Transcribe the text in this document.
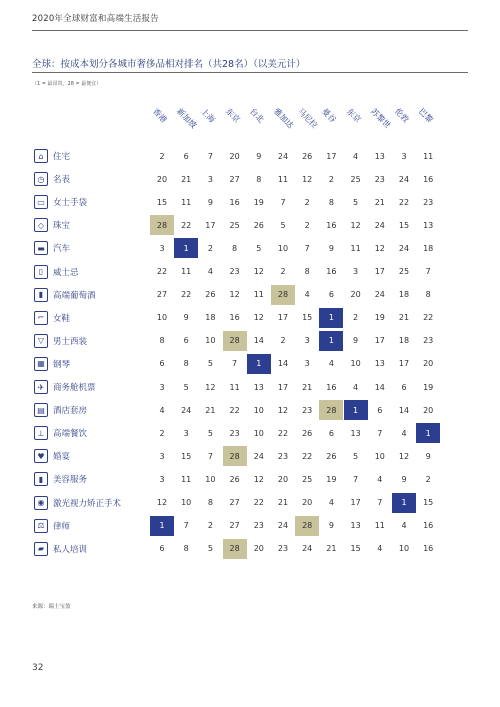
2020年全球财富和高端生活报告
全球：按成本划分各城市奢侈品相对排名（共28名）（以美元计）
（1 = 最昂贵，28 = 最便宜）
香港 新加坡 上海 东京 台北 雅加达 马尼拉 曼谷 东京 苏黎世 伦敦 巴黎
⌂	住宅	2	6	7	20	9	24	26	17	4	13	3	11
◷	名表	20	21	3	27	8	11	12	2	25	23	24	16
▭ 女士手袋	15	11	9	16	19	7	2	8	5	21	22	23
◇	珠宝	28	22	17	25	26	5	2	16	12	24	15	13
▬ 汽车	3	1	2	8	5	10	7	9	11	12	24	18
▯	威士忌	22	11	4	23	12	2	8	16	3	17	25	7
▮	高端葡萄酒	27	22	26	12	11	28	4	6	20	24	18	8
⌐	女鞋	10	9	18	16	12	17	15	1	2	19	21	22
▽	男士西装	8	6	10	28	14	2	3	1	9	17	18	23
▦ 钢琴	6	8	5	7	1	14	3	4	10	13	17	20
✈	商务舱机票	3	5	12	11	13	17	21	16	4	14	6	19
▤ 酒店套房	4	24	21	22	10	12	23	28	1	6	14	20
⊥	高端餐饮	2	3	5	23	10	22	26	6	13	7	4	1
♥ 婚宴	3	15	7	28	24	23	22	26	5	10	12	9
▮	美容服务	3	11	10	26	12	20	25	19	7	4	9	2
◉	激光视力矫正手术	12	10	8	27	22	21	20	4	17	7	1	15
⚖ 律师	1	7	2	27	23	24	28	9	13	11	4	16
▰	私人培训	6	8	5	28	20	23	24	21	15	4	10	16
来源：瑞士宝盈
32
